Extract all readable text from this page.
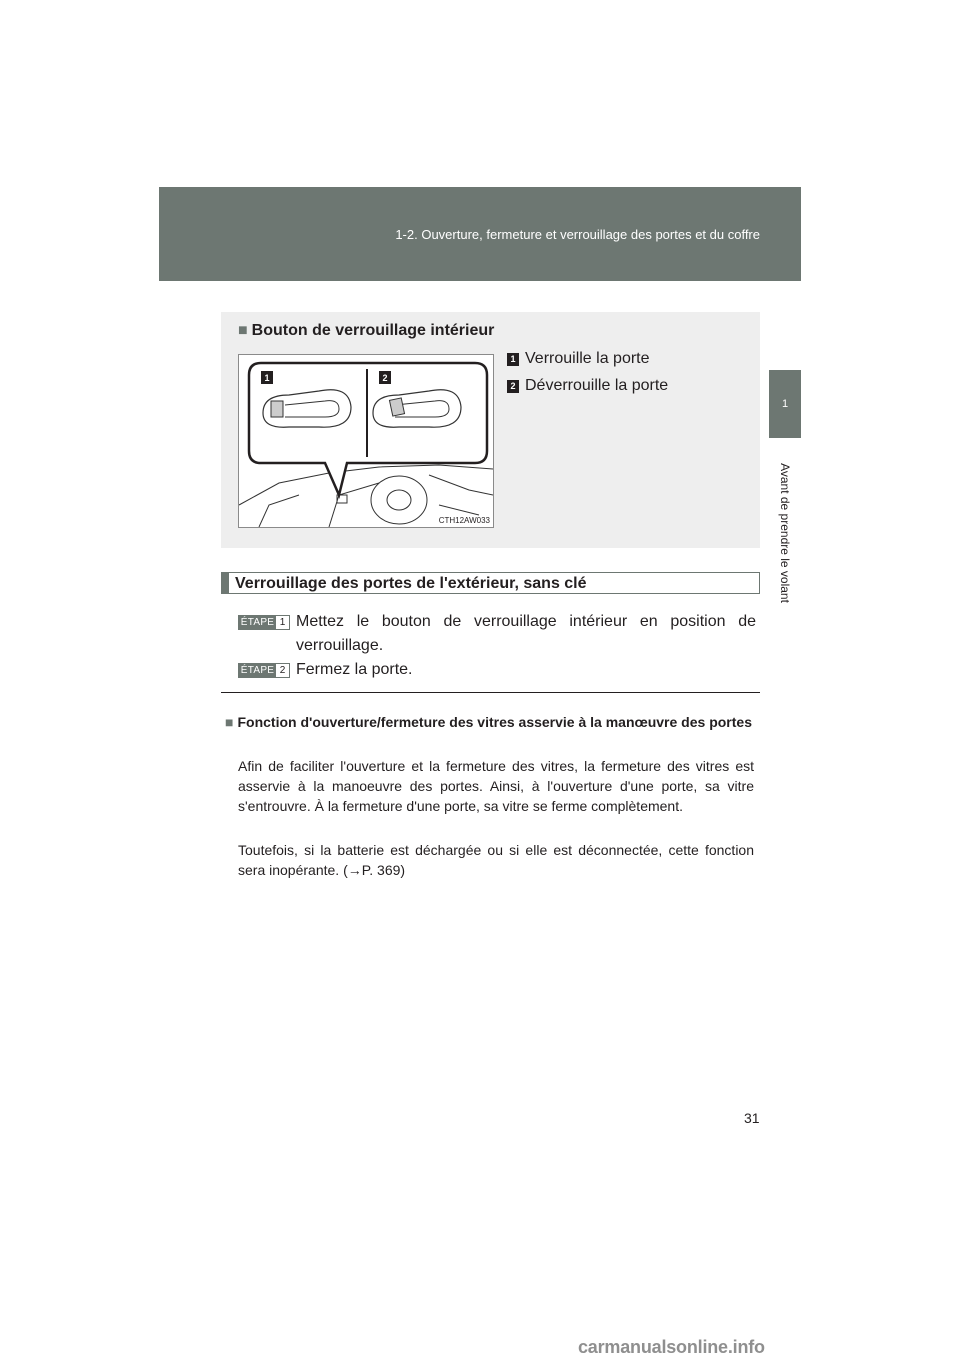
1-2. Ouverture, fermeture et verrouillage des portes et du coffre
1
Avant de prendre le volant
■ Bouton de verrouillage intérieur
1	2
CTH12AW033
1 Verrouille la porte
2 Déverrouille la porte
Verrouillage des portes de l'extérieur, sans clé
ÉTAPE 1 Mettez le bouton de verrouillage intérieur en position de verrouillage.
ÉTAPE 2 Fermez la porte.
■ Fonction d'ouverture/fermeture des vitres asservie à la manœuvre des portes
Afin de faciliter l'ouverture et la fermeture des vitres, la fermeture des vitres est asservie à la manoeuvre des portes. Ainsi, à l'ouverture d'une porte, sa vitre s'entrouvre. À la fermeture d'une porte, sa vitre se ferme complètement.
Toutefois, si la batterie est déchargée ou si elle est déconnectée, cette fonction sera inopérante. (→P. 369)
31
carmanualsonline.info
